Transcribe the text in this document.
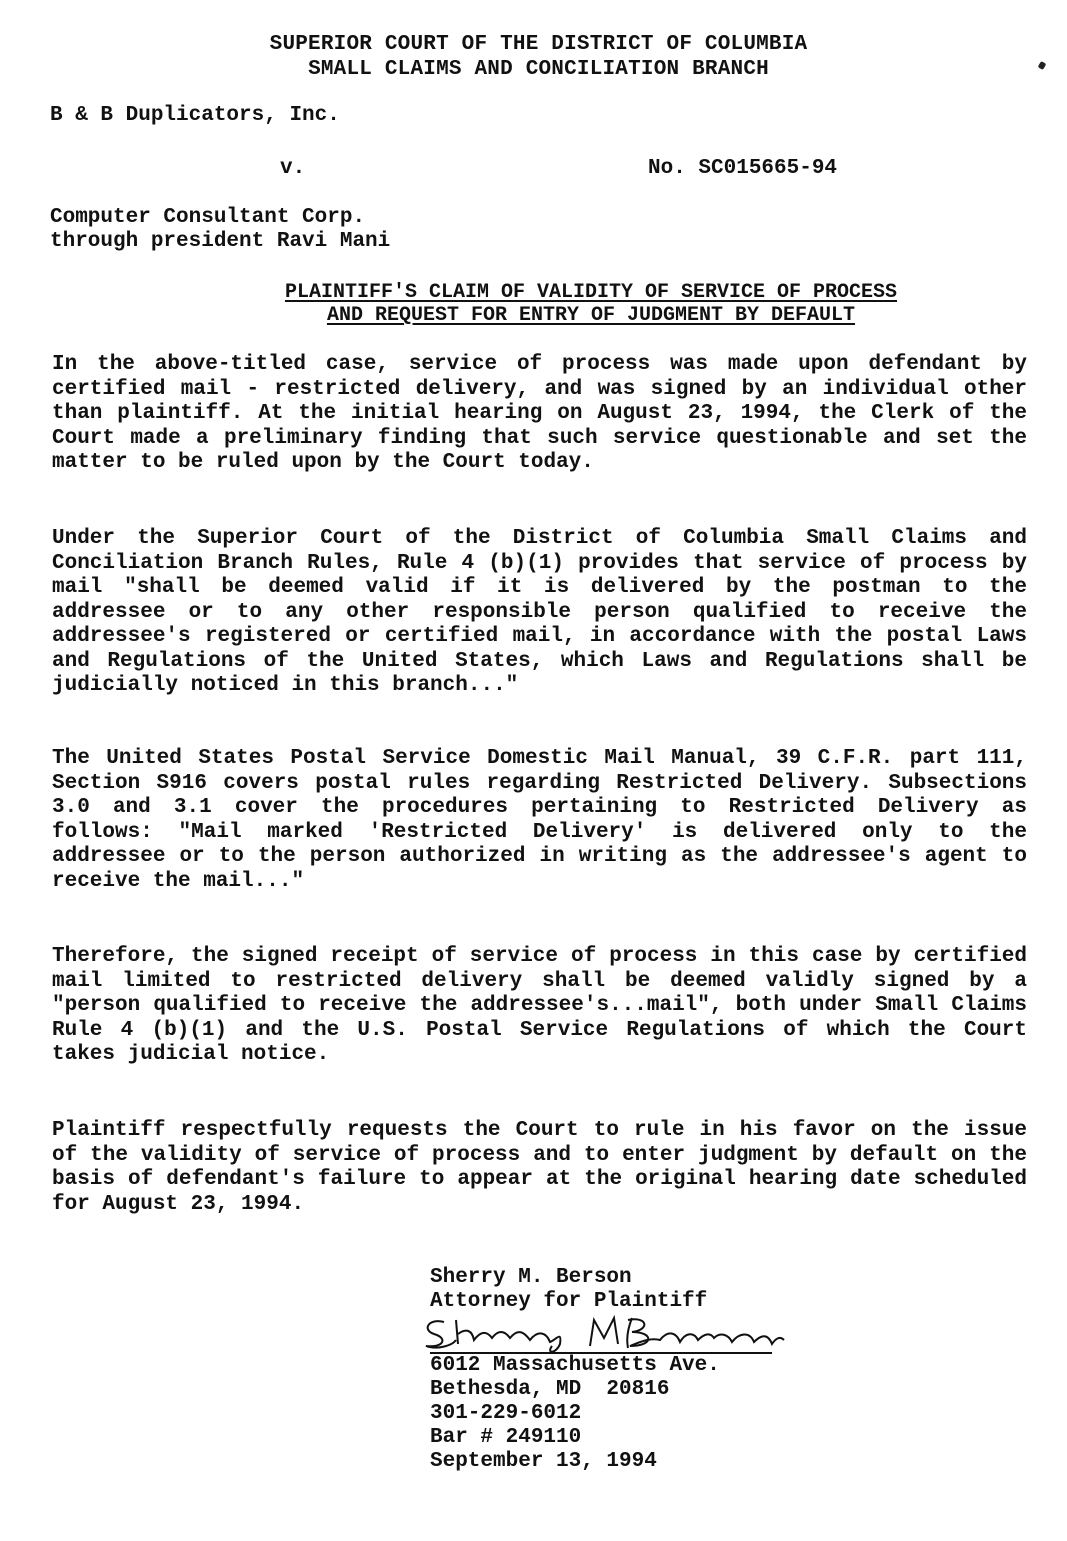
SUPERIOR COURT OF THE DISTRICT OF COLUMBIA
SMALL CLAIMS AND CONCILIATION BRANCH
B & B Duplicators, Inc.
v.	No. SC015665-94
Computer Consultant Corp.
through president Ravi Mani
PLAINTIFF'S CLAIM OF VALIDITY OF SERVICE OF PROCESS
AND REQUEST FOR ENTRY OF JUDGMENT BY DEFAULT

In the above-titled case, service of process was made upon defendant by certified mail - restricted delivery, and was signed by an individual other than plaintiff. At the initial hearing on August 23, 1994, the Clerk of the Court made a preliminary finding that such service questionable and set the matter to be ruled upon by the Court today.

Under the Superior Court of the District of Columbia Small Claims and Conciliation Branch Rules, Rule 4 (b)(1) provides that service of process by mail "shall be deemed valid if it is delivered by the postman to the addressee or to any other responsible person qualified to receive the addressee's registered or certified mail, in accordance with the postal Laws and Regulations of the United States, which Laws and Regulations shall be judicially noticed in this branch..."

The United States Postal Service Domestic Mail Manual, 39 C.F.R. part 111, Section S916 covers postal rules regarding Restricted Delivery. Subsections 3.0 and 3.1 cover the procedures pertaining to Restricted Delivery as follows: "Mail marked 'Restricted Delivery' is delivered only to the addressee or to the person authorized in writing as the addressee's agent to receive the mail..."

Therefore, the signed receipt of service of process in this case by certified mail limited to restricted delivery shall be deemed validly signed by a "person qualified to receive the addressee's...mail", both under Small Claims Rule 4 (b)(1) and the U.S. Postal Service Regulations of which the Court takes judicial notice.

Plaintiff respectfully requests the Court to rule in his favor on the issue of the validity of service of process and to enter judgment by default on the basis of defendant's failure to appear at the original hearing date scheduled for August 23, 1994.

Sherry M. Berson
Attorney for Plaintiff
6012 Massachusetts Ave.
Bethesda, MD  20816
301-229-6012
Bar # 249110
September 13, 1994
